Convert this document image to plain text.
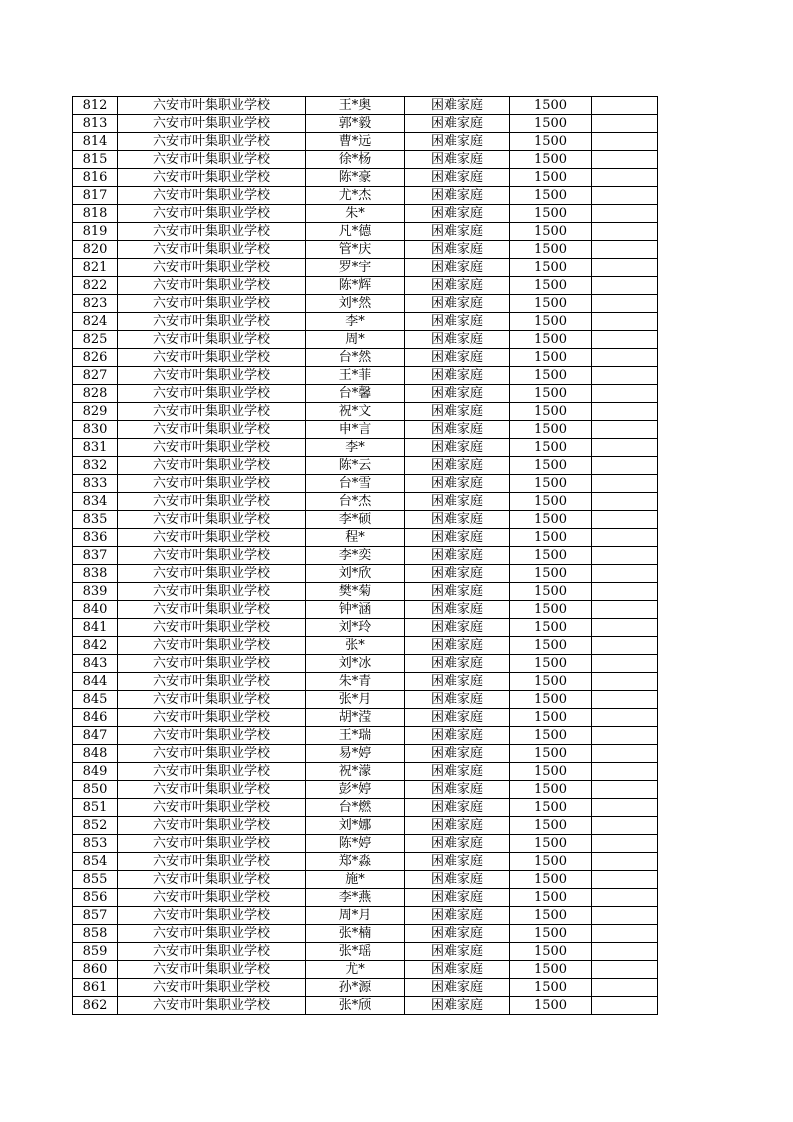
812	六安市叶集职业学校	王*奥	困难家庭	1500	
813	六安市叶集职业学校	郭*毅	困难家庭	1500	
814	六安市叶集职业学校	曹*远	困难家庭	1500	
815	六安市叶集职业学校	徐*杨	困难家庭	1500	
816	六安市叶集职业学校	陈*豪	困难家庭	1500	
817	六安市叶集职业学校	尤*杰	困难家庭	1500	
818	六安市叶集职业学校	朱*	困难家庭	1500	
819	六安市叶集职业学校	凡*德	困难家庭	1500	
820	六安市叶集职业学校	管*庆	困难家庭	1500	
821	六安市叶集职业学校	罗*宇	困难家庭	1500	
822	六安市叶集职业学校	陈*辉	困难家庭	1500	
823	六安市叶集职业学校	刘*然	困难家庭	1500	
824	六安市叶集职业学校	李*	困难家庭	1500	
825	六安市叶集职业学校	周*	困难家庭	1500	
826	六安市叶集职业学校	台*然	困难家庭	1500	
827	六安市叶集职业学校	王*菲	困难家庭	1500	
828	六安市叶集职业学校	台*馨	困难家庭	1500	
829	六安市叶集职业学校	祝*文	困难家庭	1500	
830	六安市叶集职业学校	申*言	困难家庭	1500	
831	六安市叶集职业学校	李*	困难家庭	1500	
832	六安市叶集职业学校	陈*云	困难家庭	1500	
833	六安市叶集职业学校	台*雪	困难家庭	1500	
834	六安市叶集职业学校	台*杰	困难家庭	1500	
835	六安市叶集职业学校	李*硕	困难家庭	1500	
836	六安市叶集职业学校	程*	困难家庭	1500	
837	六安市叶集职业学校	李*奕	困难家庭	1500	
838	六安市叶集职业学校	刘*欣	困难家庭	1500	
839	六安市叶集职业学校	樊*菊	困难家庭	1500	
840	六安市叶集职业学校	钟*涵	困难家庭	1500	
841	六安市叶集职业学校	刘*玲	困难家庭	1500	
842	六安市叶集职业学校	张*	困难家庭	1500	
843	六安市叶集职业学校	刘*冰	困难家庭	1500	
844	六安市叶集职业学校	朱*青	困难家庭	1500	
845	六安市叶集职业学校	张*月	困难家庭	1500	
846	六安市叶集职业学校	胡*滢	困难家庭	1500	
847	六安市叶集职业学校	王*瑞	困难家庭	1500	
848	六安市叶集职业学校	易*婷	困难家庭	1500	
849	六安市叶集职业学校	祝*濛	困难家庭	1500	
850	六安市叶集职业学校	彭*婷	困难家庭	1500	
851	六安市叶集职业学校	台*燃	困难家庭	1500	
852	六安市叶集职业学校	刘*娜	困难家庭	1500	
853	六安市叶集职业学校	陈*婷	困难家庭	1500	
854	六安市叶集职业学校	郑*淼	困难家庭	1500	
855	六安市叶集职业学校	施*	困难家庭	1500	
856	六安市叶集职业学校	李*燕	困难家庭	1500	
857	六安市叶集职业学校	周*月	困难家庭	1500	
858	六安市叶集职业学校	张*楠	困难家庭	1500	
859	六安市叶集职业学校	张*瑶	困难家庭	1500	
860	六安市叶集职业学校	尤*	困难家庭	1500	
861	六安市叶集职业学校	孙*源	困难家庭	1500	
862	六安市叶集职业学校	张*颀	困难家庭	1500	
